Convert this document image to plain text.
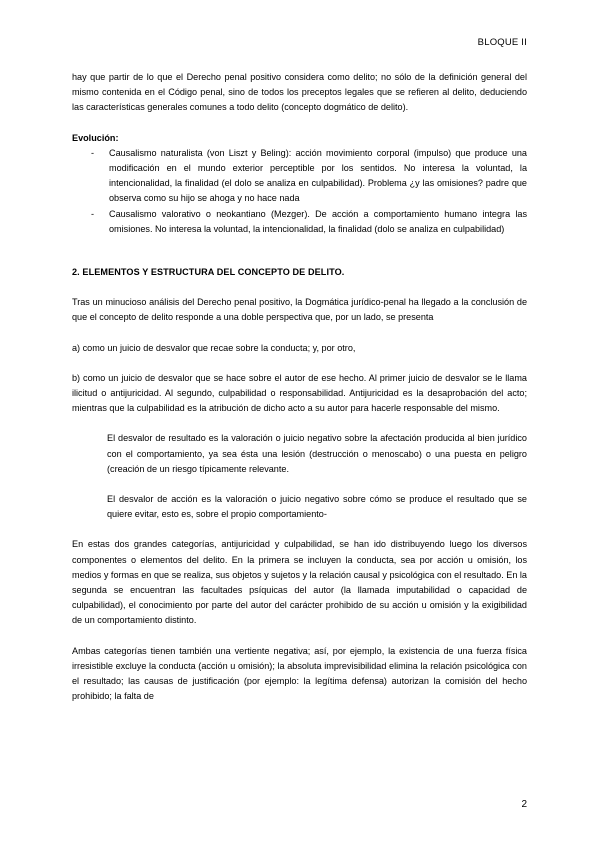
BLOQUE II

hay que partir de lo que el Derecho penal positivo considera como delito; no sólo de la definición general del mismo contenida en el Código penal, sino de todos los preceptos legales que se refieren al delito, deduciendo las características generales comunes a todo delito (concepto dogmático de delito).

Evolución:

- Causalismo naturalista (von Liszt y Beling): acción movimiento corporal (impulso) que produce una modificación en el mundo exterior perceptible por los sentidos. No interesa la voluntad, la intencionalidad, la finalidad (el dolo se analiza en culpabilidad). Problema ¿y las omisiones? padre que observa como su hijo se ahoga y no hace nada
- Causalismo valorativo o neokantiano (Mezger). De acción a comportamiento humano integra las omisiones. No interesa la voluntad, la intencionalidad, la finalidad (dolo se analiza en culpabilidad)

2. ELEMENTOS Y ESTRUCTURA DEL CONCEPTO DE DELITO.

Tras un minucioso análisis del Derecho penal positivo, la Dogmática jurídico-penal ha llegado a la conclusión de que el concepto de delito responde a una doble perspectiva que, por un lado, se presenta

a) como un juicio de desvalor que recae sobre la conducta; y, por otro,

b) como un juicio de desvalor que se hace sobre el autor de ese hecho. Al primer juicio de desvalor se le llama ilicitud o antijuricidad. Al segundo, culpabilidad o responsabilidad. Antijuricidad es la desaprobación del acto; mientras que la culpabilidad es la atribución de dicho acto a su autor para hacerle responsable del mismo.

El desvalor de resultado es la valoración o juicio negativo sobre la afectación producida al bien jurídico con el comportamiento, ya sea ésta una lesión (destrucción o menoscabo) o una puesta en peligro (creación de un riesgo típicamente relevante.

El desvalor de acción es la valoración o juicio negativo sobre cómo se produce el resultado que se quiere evitar, esto es, sobre el propio comportamiento-

En estas dos grandes categorías, antijuricidad y culpabilidad, se han ido distribuyendo luego los diversos componentes o elementos del delito. En la primera se incluyen la conducta, sea por acción u omisión, los medios y formas en que se realiza, sus objetos y sujetos y la relación causal y psicológica con el resultado. En la segunda se encuentran las facultades psíquicas del autor (la llamada imputabilidad o capacidad de culpabilidad), el conocimiento por parte del autor del carácter prohibido de su acción u omisión y la exigibilidad de un comportamiento distinto.

Ambas categorías tienen también una vertiente negativa; así, por ejemplo, la existencia de una fuerza física irresistible excluye la conducta (acción u omisión); la absoluta imprevisibilidad elimina la relación psicológica con el resultado; las causas de justificación (por ejemplo: la legítima defensa) autorizan la comisión del hecho prohibido; la falta de

2
